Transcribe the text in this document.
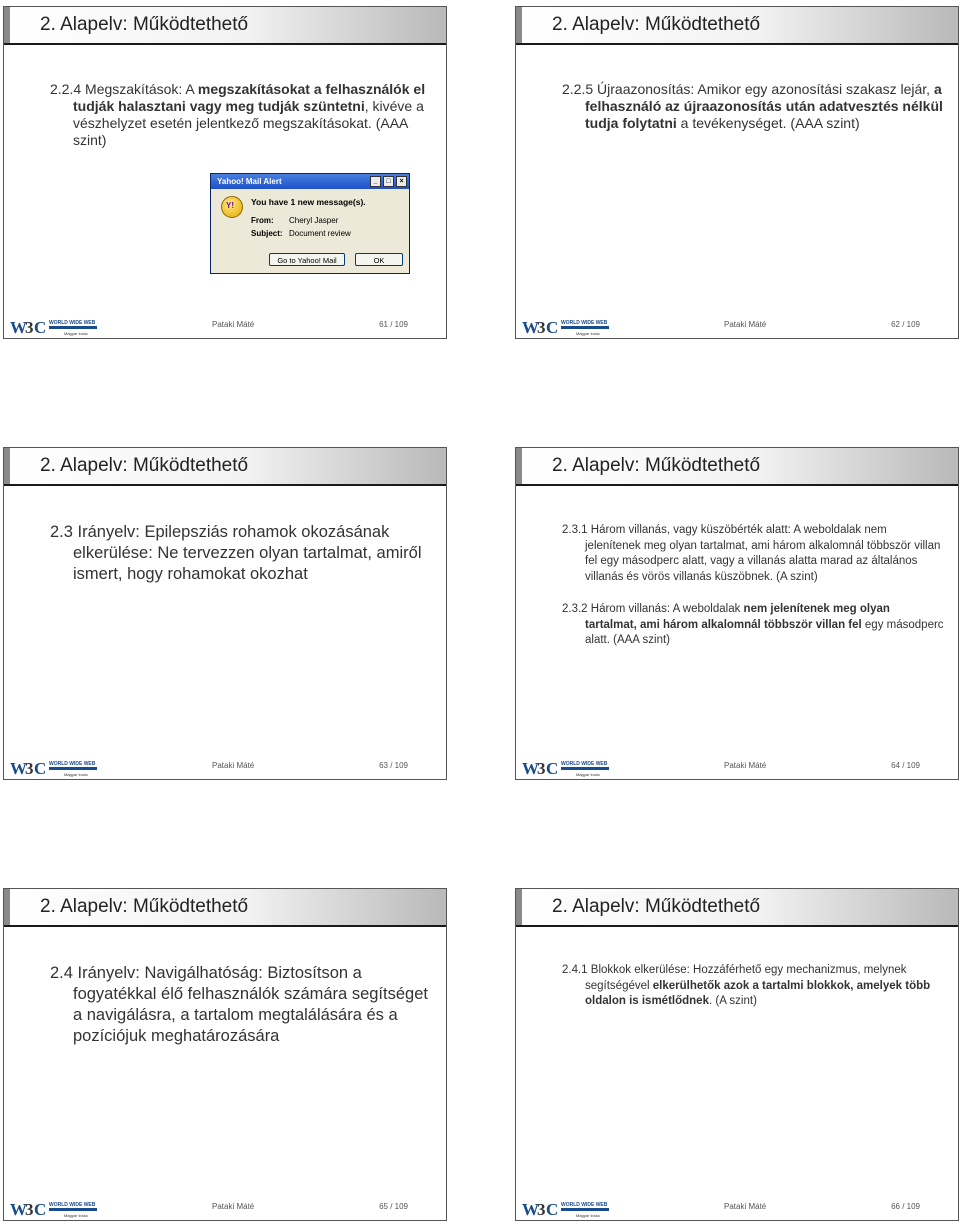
2. Alapelv: Működtethető

2.2.4 Megszakítások: A megszakításokat a felhasználók el tudják halasztani vagy meg tudják szüntetni, kivéve a vészhelyzet esetén jelentkező megszakításokat. (AAA szint)

Yahoo! Mail Alert	_	□	×
Y!
You have 1 new message(s).
From: Cheryl Jasper
Subject: Document review
Go to Yahoo! Mail	OK
W
3 C WORLD WIDE WEB
Magyar Iroda
Pataki Máté	61 / 109
2. Alapelv: Működtethető

2.2.5 Újraazonosítás: Amikor egy azonosítási szakasz lejár, a felhasználó az újraazonosítás után adatvesztés nélkül tudja folytatni a tevékenységet. (AAA szint)

W
3 C WORLD WIDE WEB
Magyar Iroda
Pataki Máté	62 / 109
2. Alapelv: Működtethető

2.3 Irányelv: Epilepsziás rohamok okozásának elkerülése: Ne tervezzen olyan tartalmat, amiről ismert, hogy rohamokat okozhat

W
3 C WORLD WIDE WEB
Magyar Iroda
Pataki Máté	63 / 109
2. Alapelv: Működtethető

2.3.1 Három villanás, vagy küszöbérték alatt: A weboldalak nem jelenítenek meg olyan tartalmat, ami három alkalomnál többször villan fel egy másodperc alatt, vagy a villanás alatta marad az általános villanás és vörös villanás küszöbnek. (A szint)

2.3.2 Három villanás: A weboldalak nem jelenítenek meg olyan tartalmat, ami három alkalomnál többször villan fel egy másodperc alatt. (AAA szint)

W
3 C WORLD WIDE WEB
Magyar Iroda
Pataki Máté	64 / 109
2. Alapelv: Működtethető

2.4 Irányelv: Navigálhatóság: Biztosítson a fogyatékkal élő felhasználók számára segítséget a navigálásra, a tartalom megtalálására és a pozíciójuk meghatározására

W
3 C WORLD WIDE WEB
Magyar Iroda
Pataki Máté	65 / 109
2. Alapelv: Működtethető

2.4.1 Blokkok elkerülése: Hozzáférhető egy mechanizmus, melynek segítségével elkerülhetők azok a tartalmi blokkok, amelyek több oldalon is ismétlődnek. (A szint)

W
3 C WORLD WIDE WEB
Magyar Iroda
Pataki Máté	66 / 109
